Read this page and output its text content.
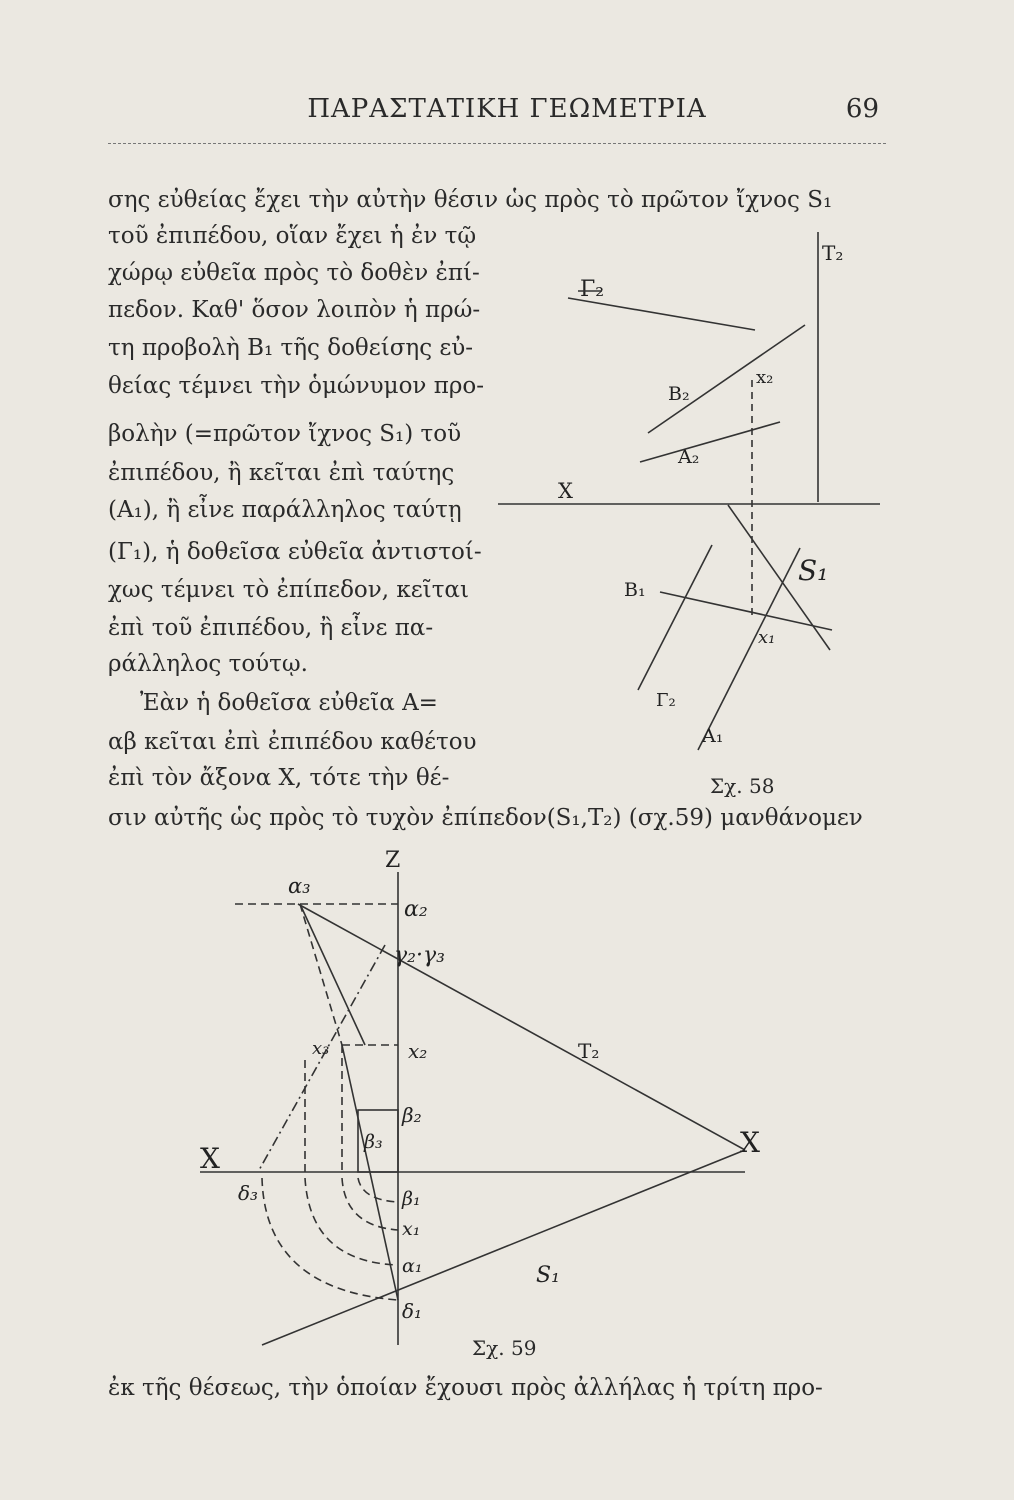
ΠΑΡΑΣΤΑΤΙΚΗ ΓΕΩΜΕΤΡΙΑ	69
σης εὐθείας ἔχει τὴν αὐτὴν θέσιν ὡς πρὸς τὸ πρῶτον ἴχνος S₁
τοῦ ἐπιπέδου, οἵαν ἔχει ἡ ἐν τῷ
χώρῳ εὐθεῖα πρὸς τὸ δοθὲν ἐπί-
πεδον. Καθ' ὅσον λοιπὸν ἡ πρώ-
τη προβολὴ B₁ τῆς δοθείσης εὐ-
θείας τέμνει τὴν ὁμώνυμον προ-
βολὴν (=πρῶτον ἴχνος S₁) τοῦ
ἐπιπέδου, ἢ κεῖται ἐπὶ ταύτης
(A₁), ἢ εἶνε παράλληλος ταύτῃ
(Γ₁), ἡ δοθεῖσα εὐθεῖα ἀντιστοί-
χως τέμνει τὸ ἐπίπεδον, κεῖται
ἐπὶ τοῦ ἐπιπέδου, ἢ εἶνε πα-
ράλληλος τούτῳ.
Ἐὰν ἡ δοθεῖσα εὐθεῖα A=
αβ κεῖται ἐπὶ ἐπιπέδου καθέτου
ἐπὶ τὸν ἄξονα X, τότε τὴν θέ-
σιν αὐτῆς ὡς πρὸς τὸ τυχὸν ἐπίπεδον(S₁,T₂) (σχ.59) μανθάνομεν
ἐκ τῆς θέσεως, τὴν ὁποίαν ἔχουσι πρὸς ἀλλήλας ἡ τρίτη προ-
Σχ. 58
Σχ. 59
Γ₂
T₂
x₂
B₂
A₂
X
S₁
B₁
x₁
Γ₂
A₁
Z
α₃
α₂
γ₂·γ₃
T₂
x₃	x₂
β₃
β₂
X	X
δ₃	β₁
x₁
α₁	S₁
δ₁
